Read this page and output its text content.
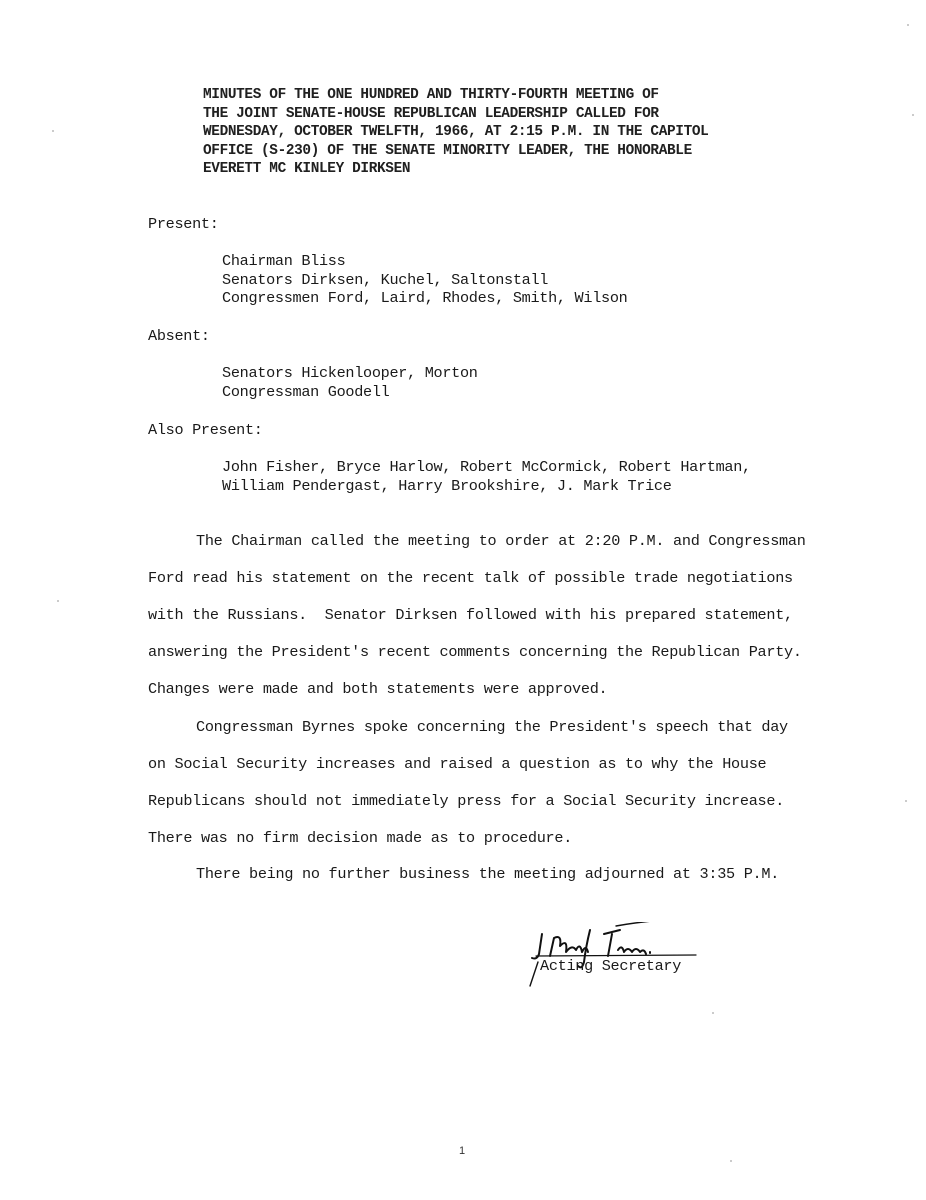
MINUTES OF THE ONE HUNDRED AND THIRTY-FOURTH MEETING OF
THE JOINT SENATE-HOUSE REPUBLICAN LEADERSHIP CALLED FOR
WEDNESDAY, OCTOBER TWELFTH, 1966, AT 2:15 P.M. IN THE CAPITOL
OFFICE (S-230) OF THE SENATE MINORITY LEADER, THE HONORABLE
EVERETT MC KINLEY DIRKSEN
Present:
Chairman Bliss
Senators Dirksen, Kuchel, Saltonstall
Congressmen Ford, Laird, Rhodes, Smith, Wilson
Absent:
Senators Hickenlooper, Morton
Congressman Goodell
Also Present:
John Fisher, Bryce Harlow, Robert McCormick, Robert Hartman,
William Pendergast, Harry Brookshire, J. Mark Trice
The Chairman called the meeting to order at 2:20 P.M. and Congressman
Ford read his statement on the recent talk of possible trade negotiations
with the Russians.  Senator Dirksen followed with his prepared statement,
answering the President's recent comments concerning the Republican Party.
Changes were made and both statements were approved.
Congressman Byrnes spoke concerning the President's speech that day
on Social Security increases and raised a question as to why the House
Republicans should not immediately press for a Social Security increase.
There was no firm decision made as to procedure.
There being no further business the meeting adjourned at 3:35 P.M.
Acting Secretary
1
